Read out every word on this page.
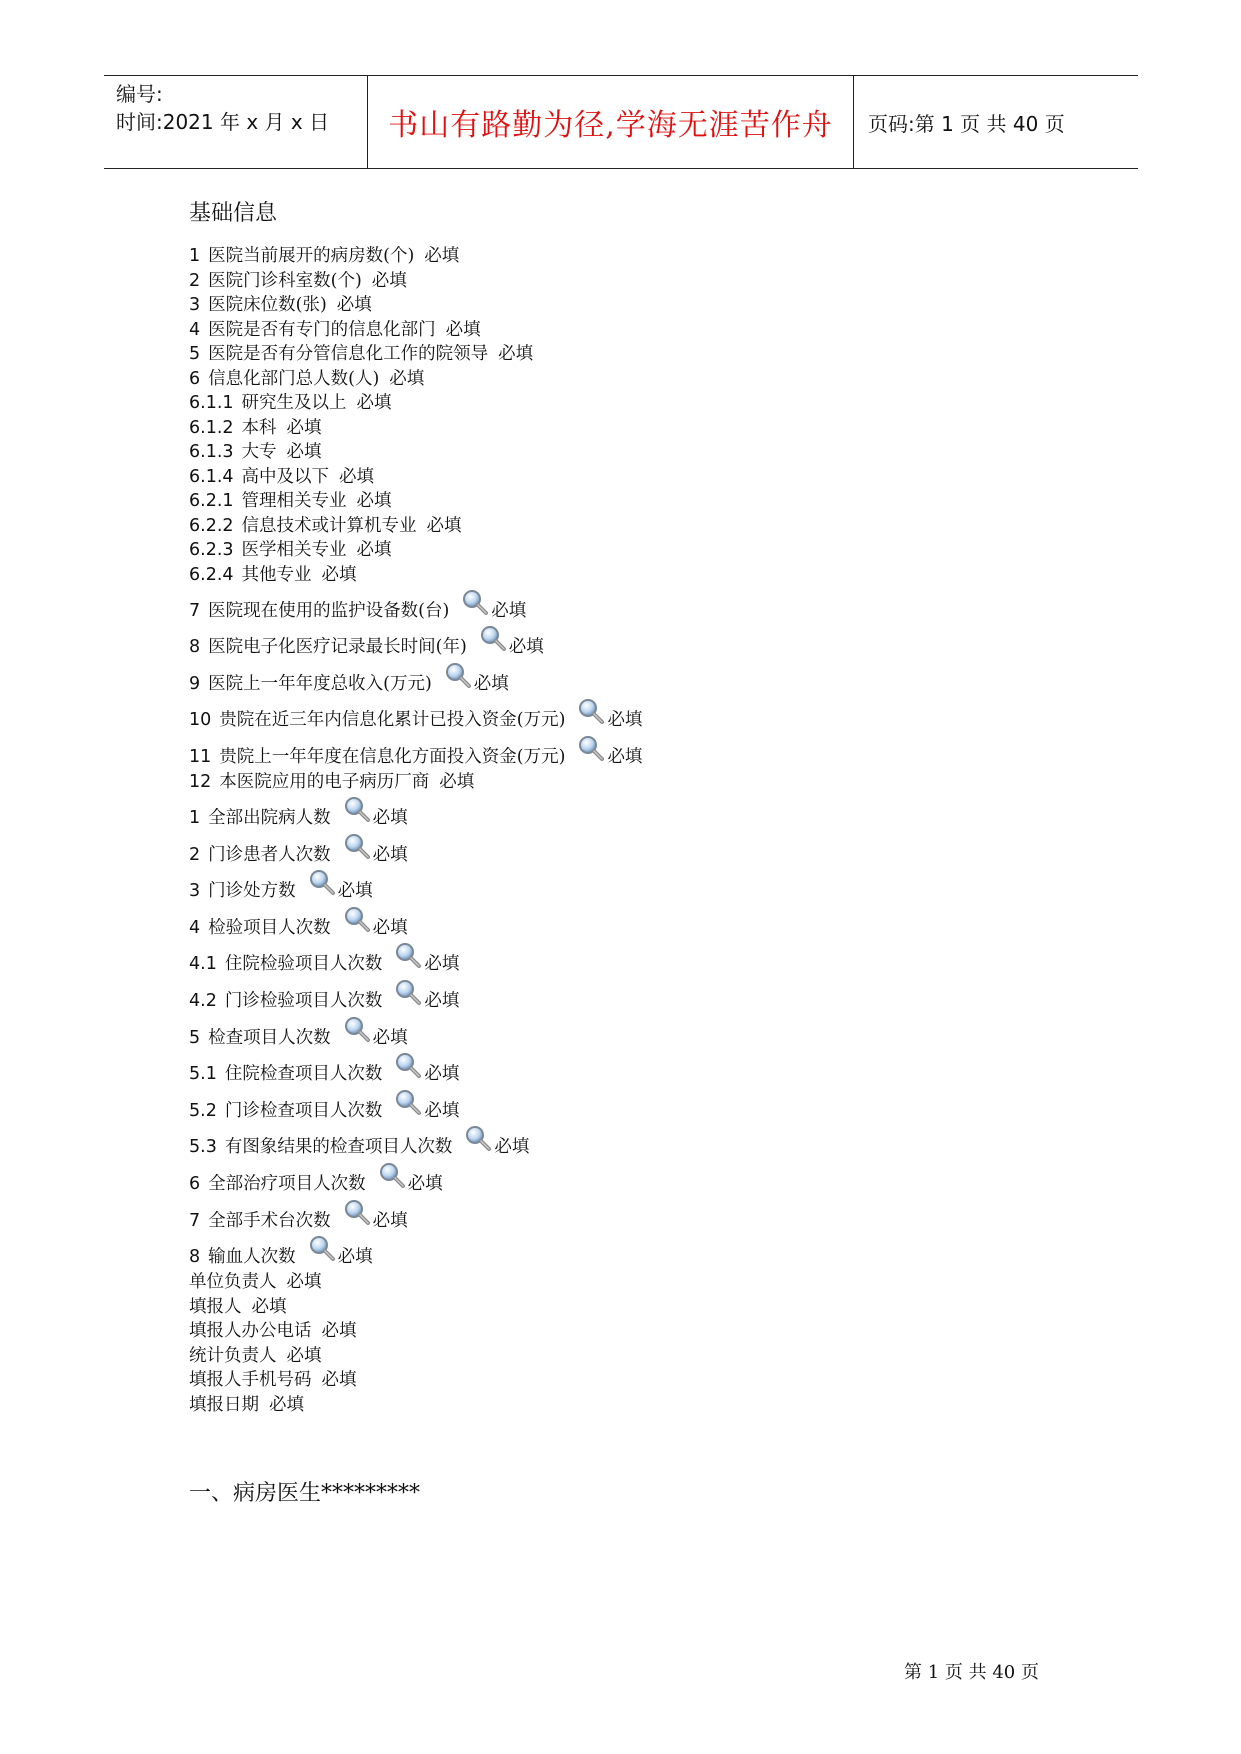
编号:
时间:2021 年 x 月 x 日	书山有路勤为径,学海无涯苦作舟 页码:第 1 页 共 40 页
基础信息
1 医院当前展开的病房数(个) 必填
2 医院门诊科室数(个) 必填
3 医院床位数(张) 必填
4 医院是否有专门的信息化部门 必填
5 医院是否有分管信息化工作的院领导 必填
6 信息化部门总人数(人) 必填
6.1.1 研究生及以上 必填
6.1.2 本科 必填
6.1.3 大专 必填
6.1.4 高中及以下 必填
6.2.1 管理相关专业 必填
6.2.2 信息技术或计算机专业 必填
6.2.3 医学相关专业 必填
6.2.4 其他专业 必填
7 医院现在使用的监护设备数(台) 必填
8 医院电子化医疗记录最长时间(年) 必填
9 医院上一年年度总收入(万元) 必填
10 贵院在近三年内信息化累计已投入资金(万元) 必填
11 贵院上一年年度在信息化方面投入资金(万元) 必填
12 本医院应用的电子病历厂商 必填
1 全部出院病人数 必填
2 门诊患者人次数 必填
3 门诊处方数 必填
4 检验项目人次数 必填
4.1 住院检验项目人次数 必填
4.2 门诊检验项目人次数 必填
5 检查项目人次数 必填
5.1 住院检查项目人次数 必填
5.2 门诊检查项目人次数 必填
5.3 有图象结果的检查项目人次数 必填
6 全部治疗项目人次数 必填
7 全部手术台次数 必填
8 输血人次数 必填
单位负责人 必填
填报人 必填
填报人办公电话 必填
统计负责人 必填
填报人手机号码 必填
填报日期 必填
一、病房医生*********
第 1 页 共 40 页
